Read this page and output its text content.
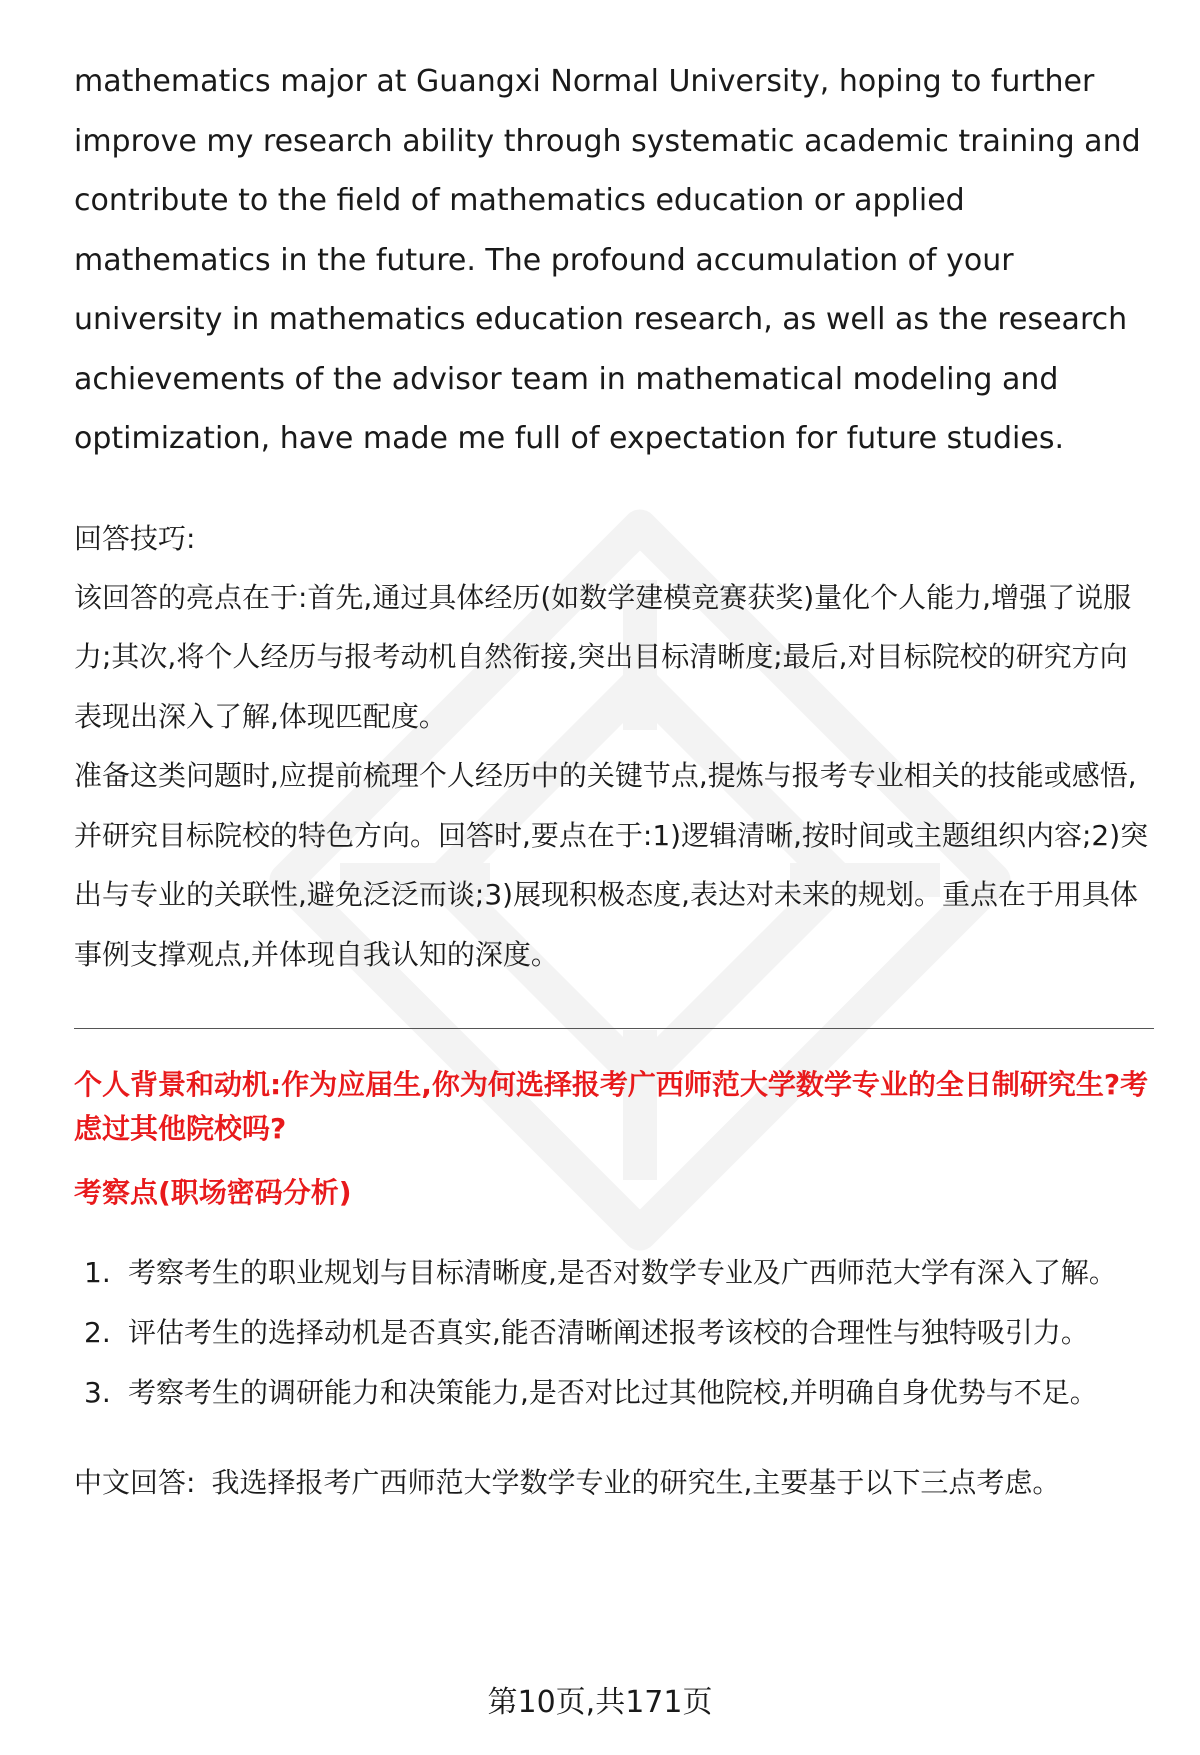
mathematics major at Guangxi Normal University, hoping to further improve my research ability through systematic academic training and contribute to the field of mathematics education or applied mathematics in the future. The profound accumulation of your university in mathematics education research, as well as the research achievements of the advisor team in mathematical modeling and optimization, have made me full of expectation for future studies.

回答技巧:

该回答的亮点在于:首先,通过具体经历(如数学建模竞赛获奖)量化个人能力,增强了说服力;其次,将个人经历与报考动机自然衔接,突出目标清晰度;最后,对目标院校的研究方向表现出深入了解,体现匹配度。

准备这类问题时,应提前梳理个人经历中的关键节点,提炼与报考专业相关的技能或感悟,并研究目标院校的特色方向。回答时,要点在于:1)逻辑清晰,按时间或主题组织内容;2)突出与专业的关联性,避免泛泛而谈;3)展现积极态度,表达对未来的规划。重点在于用具体事例支撑观点,并体现自我认知的深度。

个人背景和动机:作为应届生,你为何选择报考广西师范大学数学专业的全日制研究生?考虑过其他院校吗?

考察点(职场密码分析)

1. 考察考生的职业规划与目标清晰度,是否对数学专业及广西师范大学有深入了解。
2. 评估考生的选择动机是否真实,能否清晰阐述报考该校的合理性与独特吸引力。
3. 考察考生的调研能力和决策能力,是否对比过其他院校,并明确自身优势与不足。

中文回答: 我选择报考广西师范大学数学专业的研究生,主要基于以下三点考虑。

第10页,共171页
